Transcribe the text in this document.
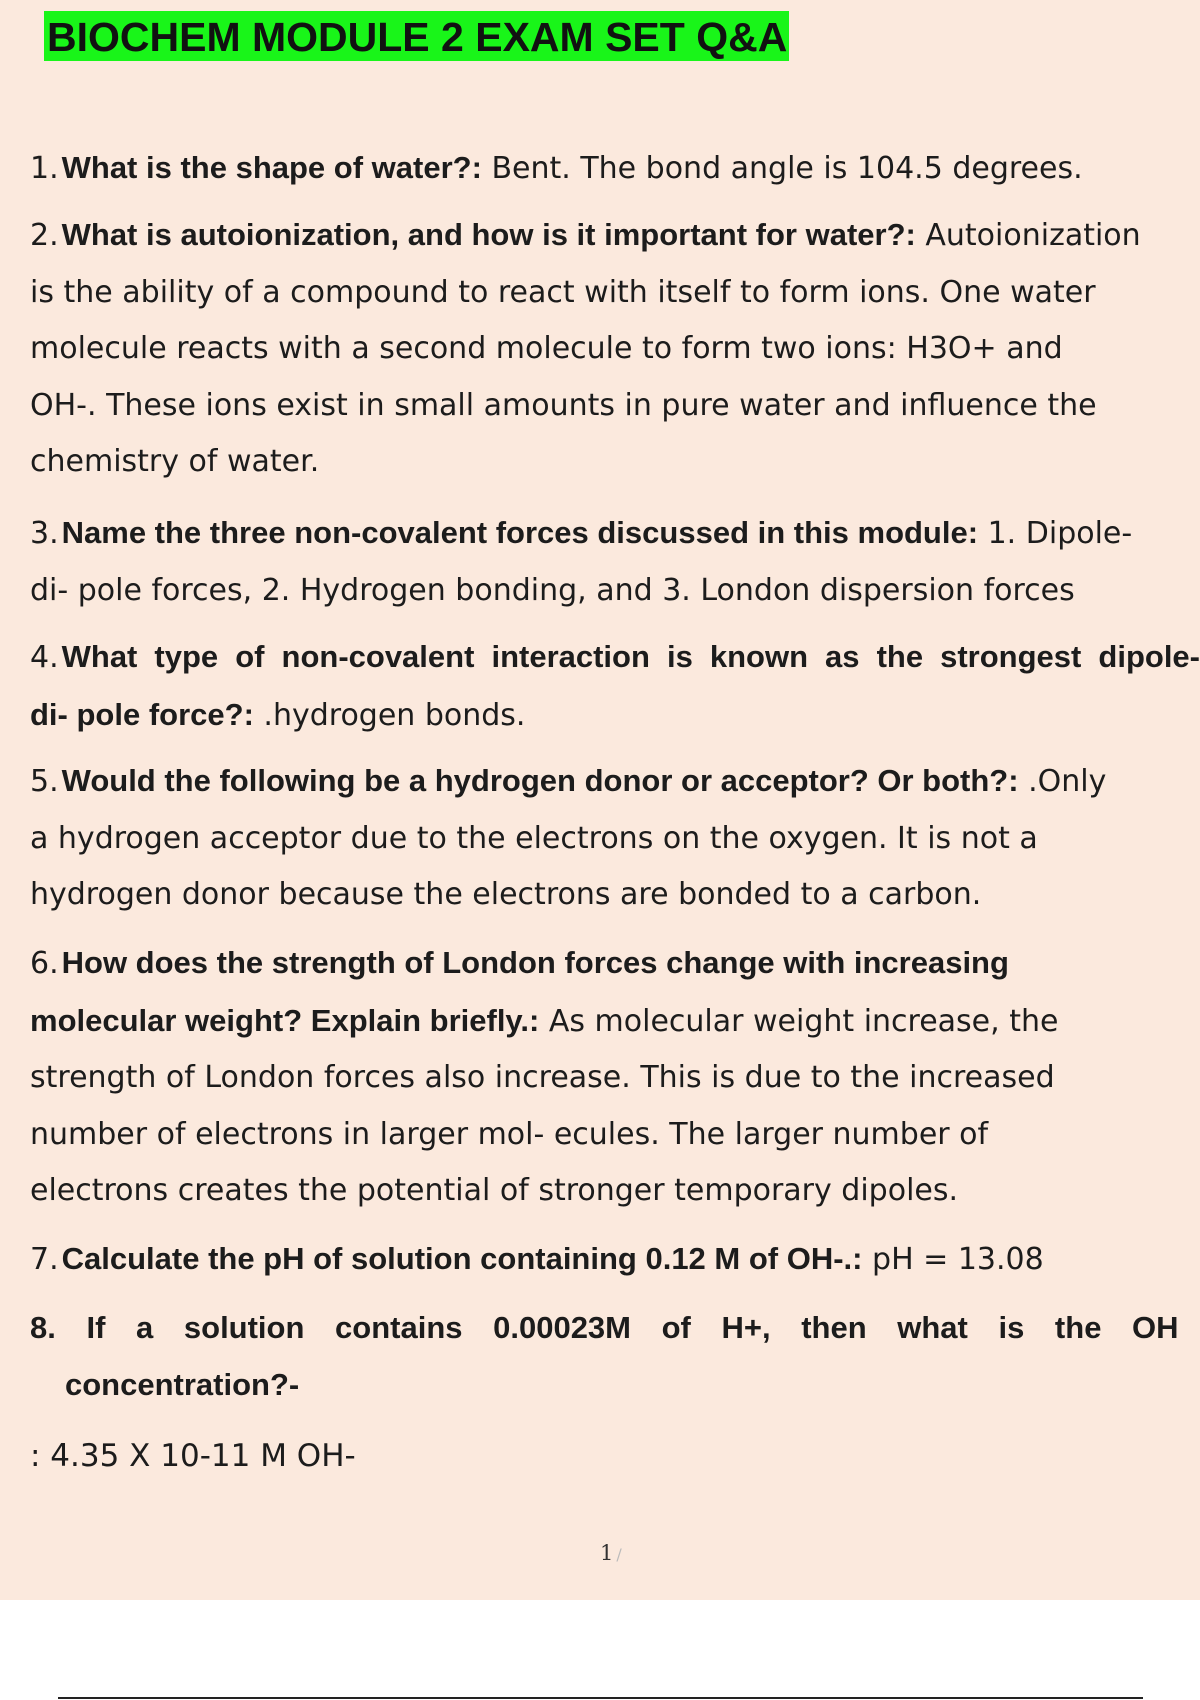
BIOCHEM MODULE 2 EXAM SET Q&A
1.What is the shape of water?: Bent. The bond angle is 104.5 degrees.
2.What is autoionization, and how is it important for water?: Autoionization
is the ability of a compound to react with itself to form ions. One water
molecule reacts with a second molecule to form two ions: H3O+ and
OH-. These ions exist in small amounts in pure water and influence the
chemistry of water.
3.Name the three non-covalent forces discussed in this module: 1. Dipole-
di- pole forces, 2. Hydrogen bonding, and 3. London dispersion forces
4.What type of non-covalent interaction is known as the strongest dipole-
di- pole force?: .hydrogen bonds.
5.Would the following be a hydrogen donor or acceptor? Or both?: .Only
a hydrogen acceptor due to the electrons on the oxygen. It is not a
hydrogen donor because the electrons are bonded to a carbon.
6.How does the strength of London forces change with increasing
molecular weight? Explain briefly.: As molecular weight increase, the
strength of London forces also increase. This is due to the increased
number of electrons in larger mol- ecules. The larger number of
electrons creates the potential of stronger temporary dipoles.
7.Calculate the pH of solution containing 0.12 M of OH-.: pH = 13.08
8. If a solution contains 0.00023M of H+, then what is the OH
concentration?-
: 4.35 X 10-11 M OH-
1 /
